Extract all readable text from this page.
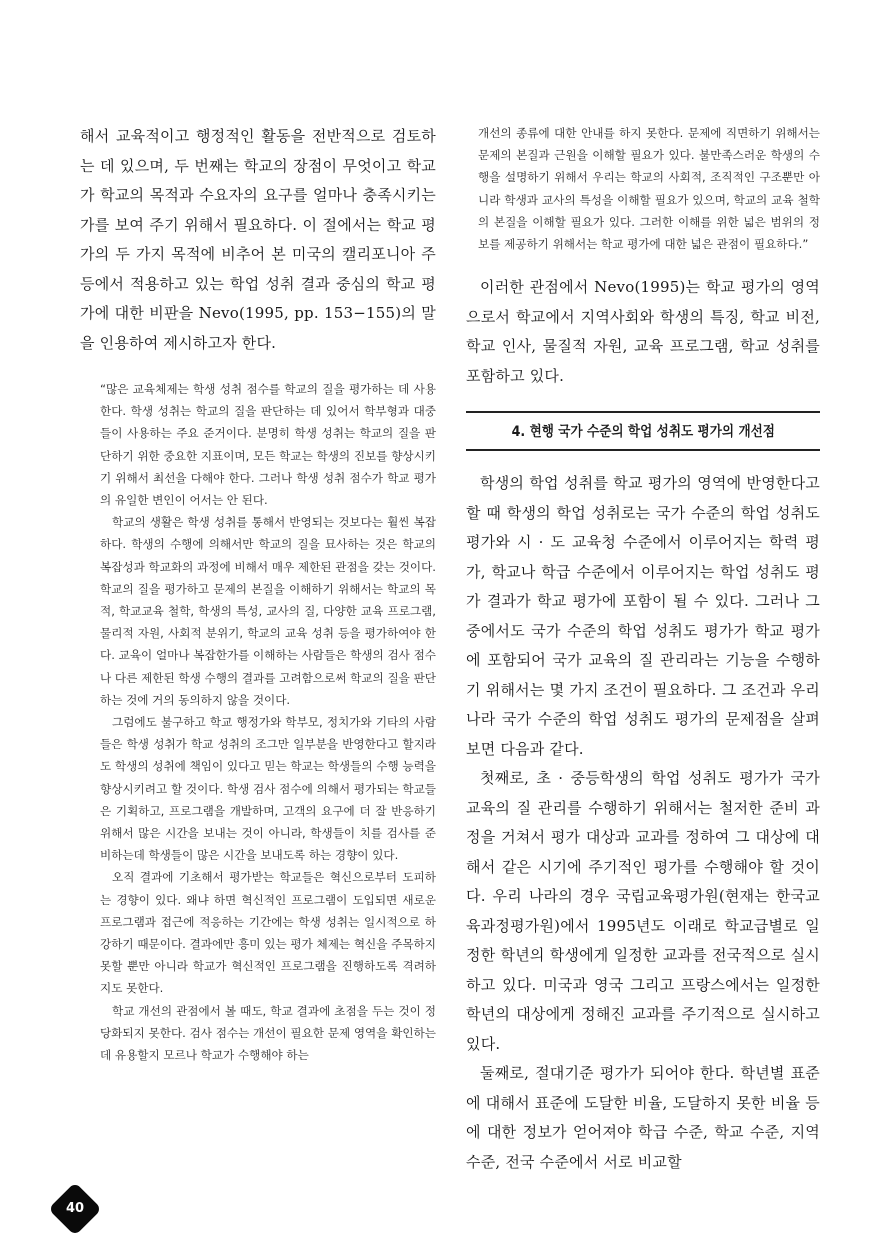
해서 교육적이고 행정적인 활동을 전반적으로 검토하는 데 있으며, 두 번째는 학교의 장점이 무엇이고 학교가 학교의 목적과 수요자의 요구를 얼마나 충족시키는가를 보여 주기 위해서 필요하다. 이 절에서는 학교 평가의 두 가지 목적에 비추어 본 미국의 캘리포니아 주 등에서 적용하고 있는 학업 성취 결과 중심의 학교 평가에 대한 비판을 Nevo(1995, pp. 153−155)의 말을 인용하여 제시하고자 한다.

“많은 교육체제는 학생 성취 점수를 학교의 질을 평가하는 데 사용한다. 학생 성취는 학교의 질을 판단하는 데 있어서 학부형과 대중들이 사용하는 주요 준거이다. 분명히 학생 성취는 학교의 질을 판단하기 위한 중요한 지표이며, 모든 학교는 학생의 진보를 향상시키기 위해서 최선을 다해야 한다. 그러나 학생 성취 점수가 학교 평가의 유일한 변인이 어서는 안 된다.

학교의 생활은 학생 성취를 통해서 반영되는 것보다는 훨씬 복잡하다. 학생의 수행에 의해서만 학교의 질을 묘사하는 것은 학교의 복잡성과 학교화의 과정에 비해서 매우 제한된 관점을 갖는 것이다. 학교의 질을 평가하고 문제의 본질을 이해하기 위해서는 학교의 목적, 학교교육 철학, 학생의 특성, 교사의 질, 다양한 교육 프로그램, 물리적 자원, 사회적 분위기, 학교의 교육 성취 등을 평가하여야 한다. 교육이 얼마나 복잡한가를 이해하는 사람들은 학생의 검사 점수나 다른 제한된 학생 수행의 결과를 고려함으로써 학교의 질을 판단하는 것에 거의 동의하지 않을 것이다.

그럼에도 불구하고 학교 행정가와 학부모, 정치가와 기타의 사람들은 학생 성취가 학교 성취의 조그만 일부분을 반영한다고 할지라도 학생의 성취에 책임이 있다고 믿는 학교는 학생들의 수행 능력을 향상시키려고 할 것이다. 학생 검사 점수에 의해서 평가되는 학교들은 기획하고, 프로그램을 개발하며, 고객의 요구에 더 잘 반응하기 위해서 많은 시간을 보내는 것이 아니라, 학생들이 치를 검사를 준비하는데 학생들이 많은 시간을 보내도록 하는 경향이 있다.

오직 결과에 기초해서 평가받는 학교들은 혁신으로부터 도피하는 경향이 있다. 왜냐 하면 혁신적인 프로그램이 도입되면 새로운 프로그램과 접근에 적응하는 기간에는 학생 성취는 일시적으로 하강하기 때문이다. 결과에만 흥미 있는 평가 체제는 혁신을 주목하지 못할 뿐만 아니라 학교가 혁신적인 프로그램을 진행하도록 격려하지도 못한다.

학교 개선의 관점에서 볼 때도, 학교 결과에 초점을 두는 것이 정당화되지 못한다. 검사 점수는 개선이 필요한 문제 영역을 확인하는 데 유용할지 모르나 학교가 수행해야 하는

개선의 종류에 대한 안내를 하지 못한다. 문제에 직면하기 위해서는 문제의 본질과 근원을 이해할 필요가 있다. 불만족스러운 학생의 수행을 설명하기 위해서 우리는 학교의 사회적, 조직적인 구조뿐만 아니라 학생과 교사의 특성을 이해할 필요가 있으며, 학교의 교육 철학의 본질을 이해할 필요가 있다. 그러한 이해를 위한 넓은 범위의 정보를 제공하기 위해서는 학교 평가에 대한 넓은 관점이 필요하다.”

이러한 관점에서 Nevo(1995)는 학교 평가의 영역으로서 학교에서 지역사회와 학생의 특징, 학교 비전, 학교 인사, 물질적 자원, 교육 프로그램, 학교 성취를 포함하고 있다.

4. 현행 국가 수준의 학업 성취도 평가의 개선점

학생의 학업 성취를 학교 평가의 영역에 반영한다고 할 때 학생의 학업 성취로는 국가 수준의 학업 성취도 평가와 시 · 도 교육청 수준에서 이루어지는 학력 평가, 학교나 학급 수준에서 이루어지는 학업 성취도 평가 결과가 학교 평가에 포함이 될 수 있다. 그러나 그 중에서도 국가 수준의 학업 성취도 평가가 학교 평가에 포함되어 국가 교육의 질 관리라는 기능을 수행하기 위해서는 몇 가지 조건이 필요하다. 그 조건과 우리 나라 국가 수준의 학업 성취도 평가의 문제점을 살펴보면 다음과 같다.

첫째로, 초 · 중등학생의 학업 성취도 평가가 국가 교육의 질 관리를 수행하기 위해서는 철저한 준비 과정을 거쳐서 평가 대상과 교과를 정하여 그 대상에 대해서 같은 시기에 주기적인 평가를 수행해야 할 것이다. 우리 나라의 경우 국립교육평가원(현재는 한국교육과정평가원)에서 1995년도 이래로 학교급별로 일정한 학년의 학생에게 일정한 교과를 전국적으로 실시하고 있다. 미국과 영국 그리고 프랑스에서는 일정한 학년의 대상에게 정해진 교과를 주기적으로 실시하고 있다.

둘째로, 절대기준 평가가 되어야 한다. 학년별 표준에 대해서 표준에 도달한 비율, 도달하지 못한 비율 등에 대한 정보가 얻어져야 학급 수준, 학교 수준, 지역 수준, 전국 수준에서 서로 비교할

40
